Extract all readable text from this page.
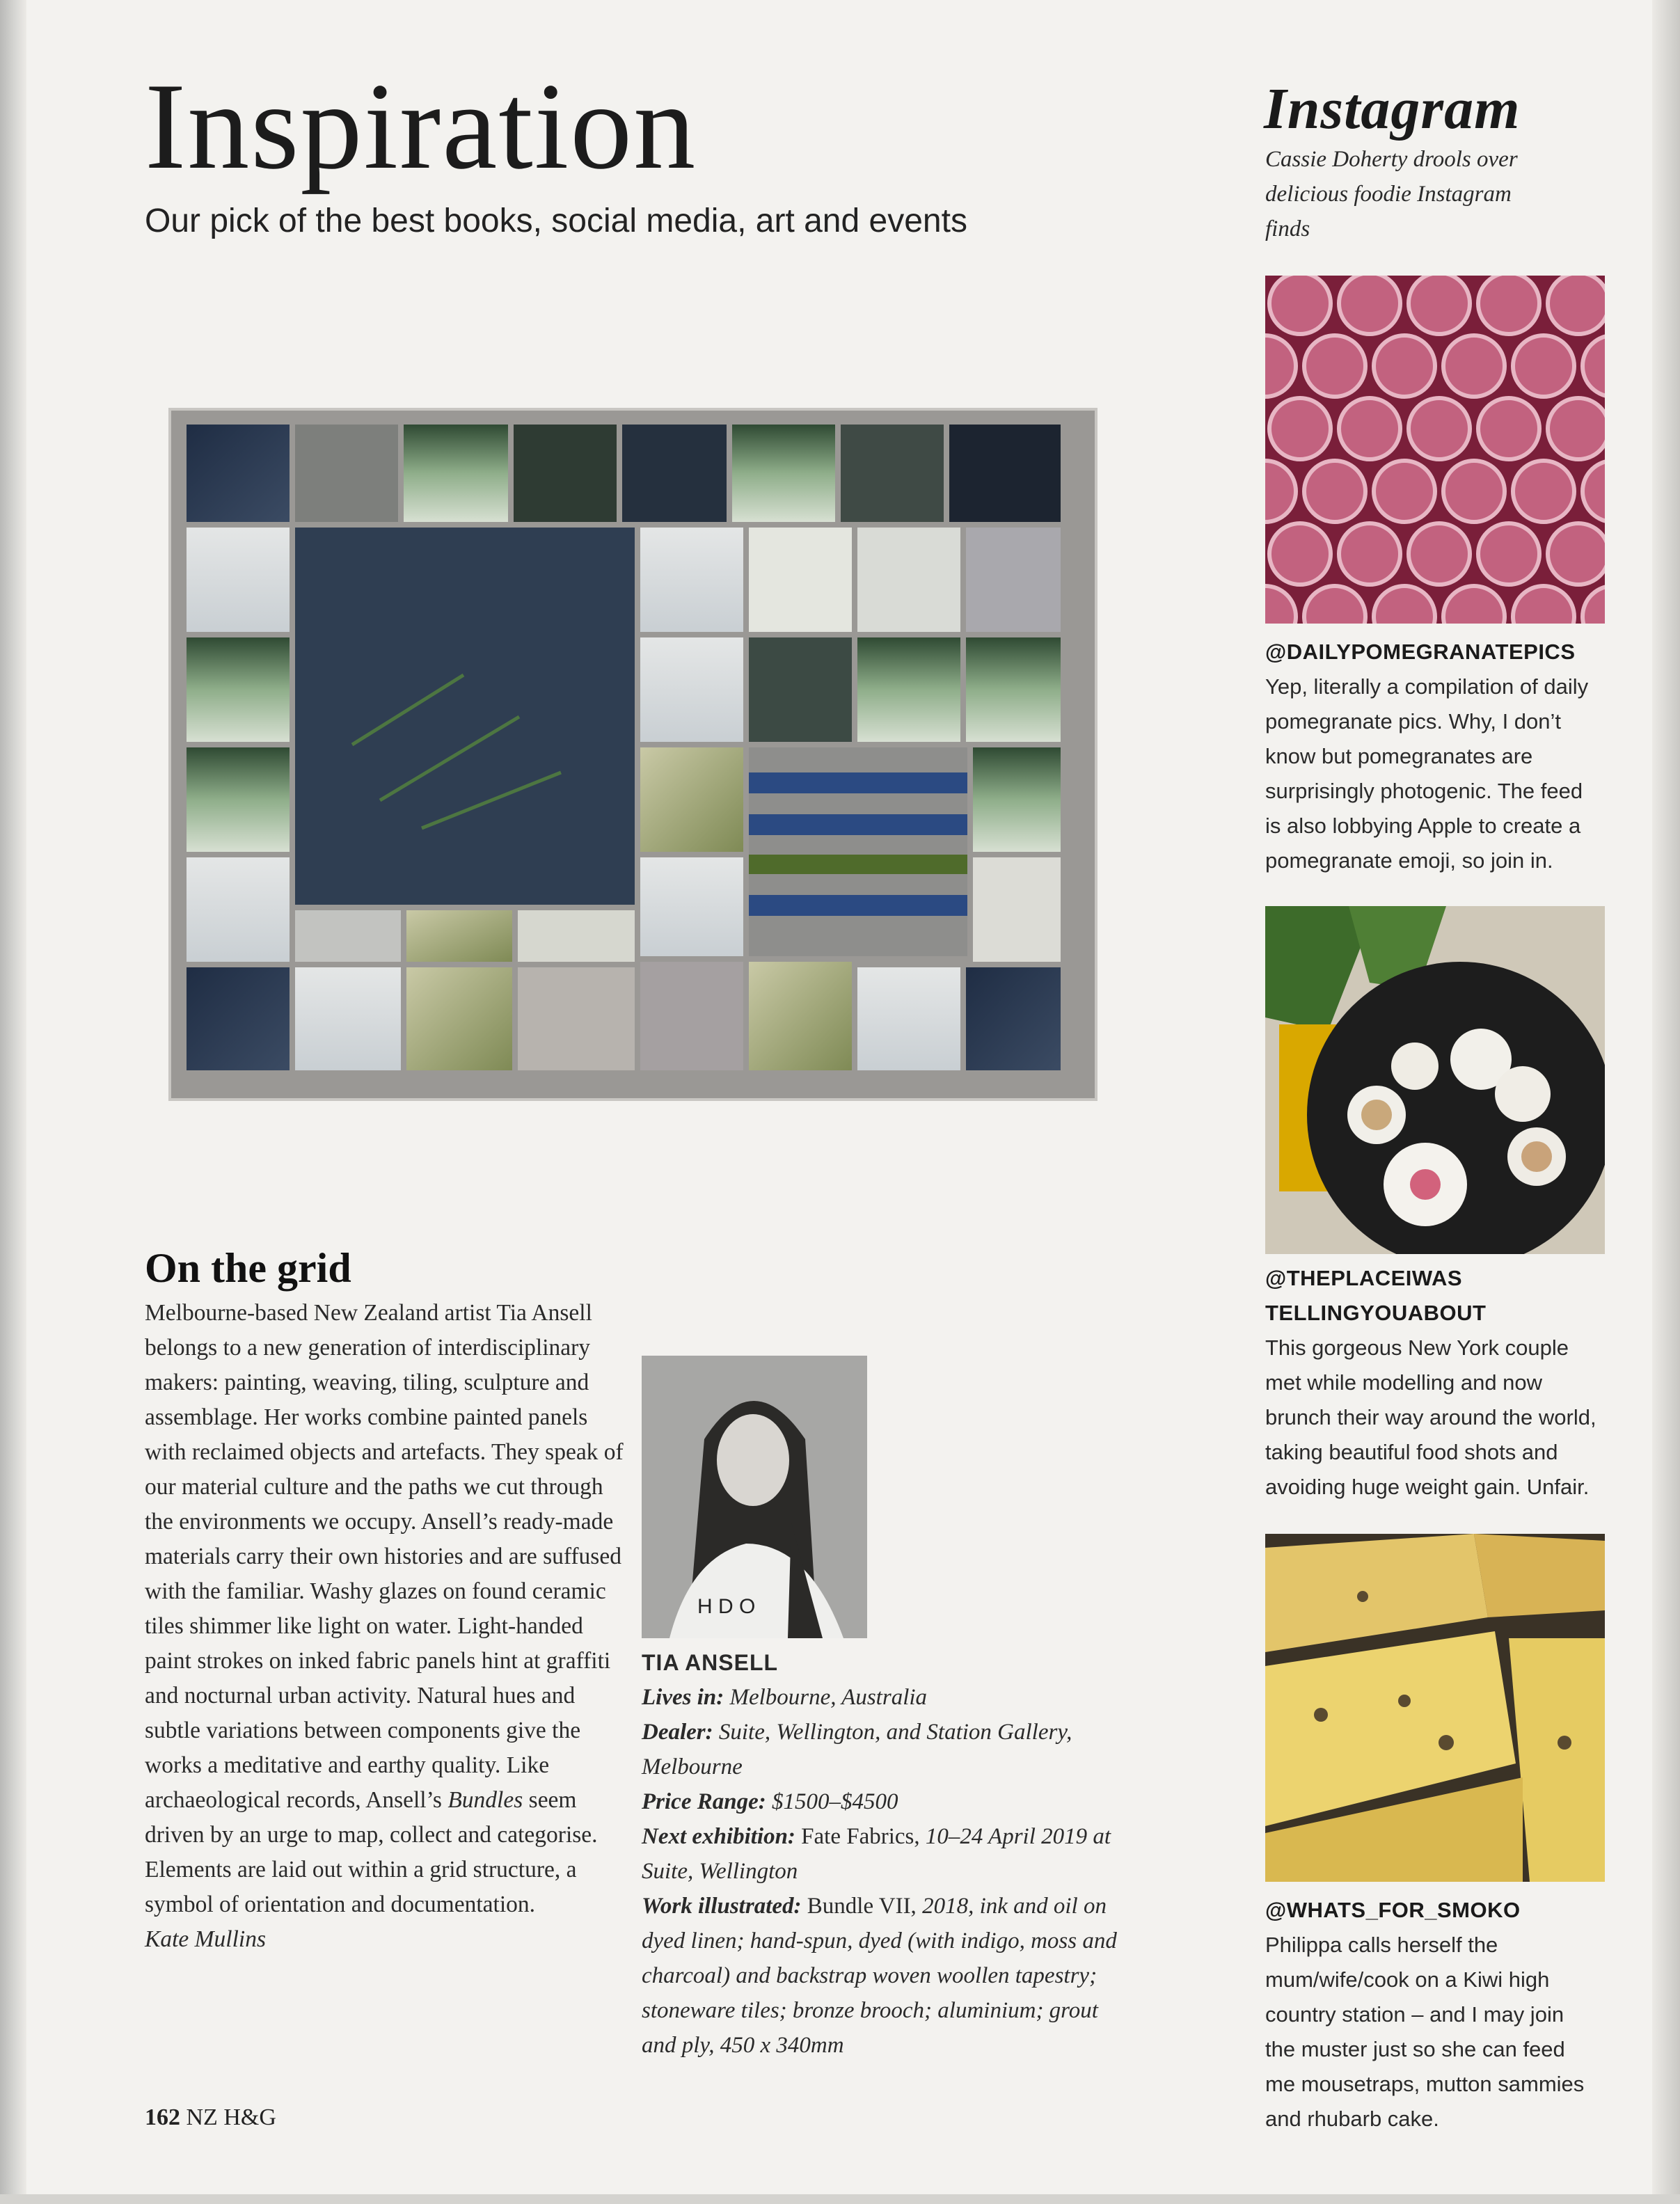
Inspiration

Our pick of the best books, social media, art and events

On the grid

Melbourne-based New Zealand artist Tia Ansell belongs to a new generation of interdisciplinary makers: painting, weaving, tiling, sculpture and assemblage. Her works combine painted panels with reclaimed objects and artefacts. They speak of our material culture and the paths we cut through the environments we occupy. Ansell’s ready-made materials carry their own histories and are suffused with the familiar. Washy glazes on found ceramic tiles shimmer like light on water. Light-handed paint strokes on inked fabric panels hint at graffiti and nocturnal urban activity. Natural hues and subtle variations between components give the works a meditative and earthy quality. Like archaeological records, Ansell’s Bundles seem driven by an urge to map, collect and categorise. Elements are laid out within a grid structure, a symbol of orientation and documentation.
Kate Mullins

H D O
TIA ANSELL
Lives in: Melbourne, Australia
Dealer: Suite, Wellington, and Station Gallery, Melbourne
Price Range: $1500–$4500
Next exhibition: Fate Fabrics, 10–24 April 2019 at Suite, Wellington
Work illustrated: Bundle VII, 2018, ink and oil on dyed linen; hand-spun, dyed (with indigo, moss and charcoal) and backstrap woven woollen tapestry; stoneware tiles; bronze brooch; aluminium; grout and ply, 450 x 340mm
162 NZ H&G
Instagram
Cassie Doherty drools over delicious foodie Instagram finds
@DAILYPOMEGRANATEPICS
Yep, literally a compilation of daily pomegranate pics. Why, I don’t know but pomegranates are surprisingly photogenic. The feed is also lobbying Apple to create a pomegranate emoji, so join in.
@THEPLACEIWAS TELLINGYOUABOUT
This gorgeous New York couple met while modelling and now brunch their way around the world, taking beautiful food shots and avoiding huge weight gain. Unfair.
@WHATS_FOR_SMOKO
Philippa calls herself the mum/wife/cook on a Kiwi high country station – and I may join the muster just so she can feed me mousetraps, mutton sammies and rhubarb cake.
